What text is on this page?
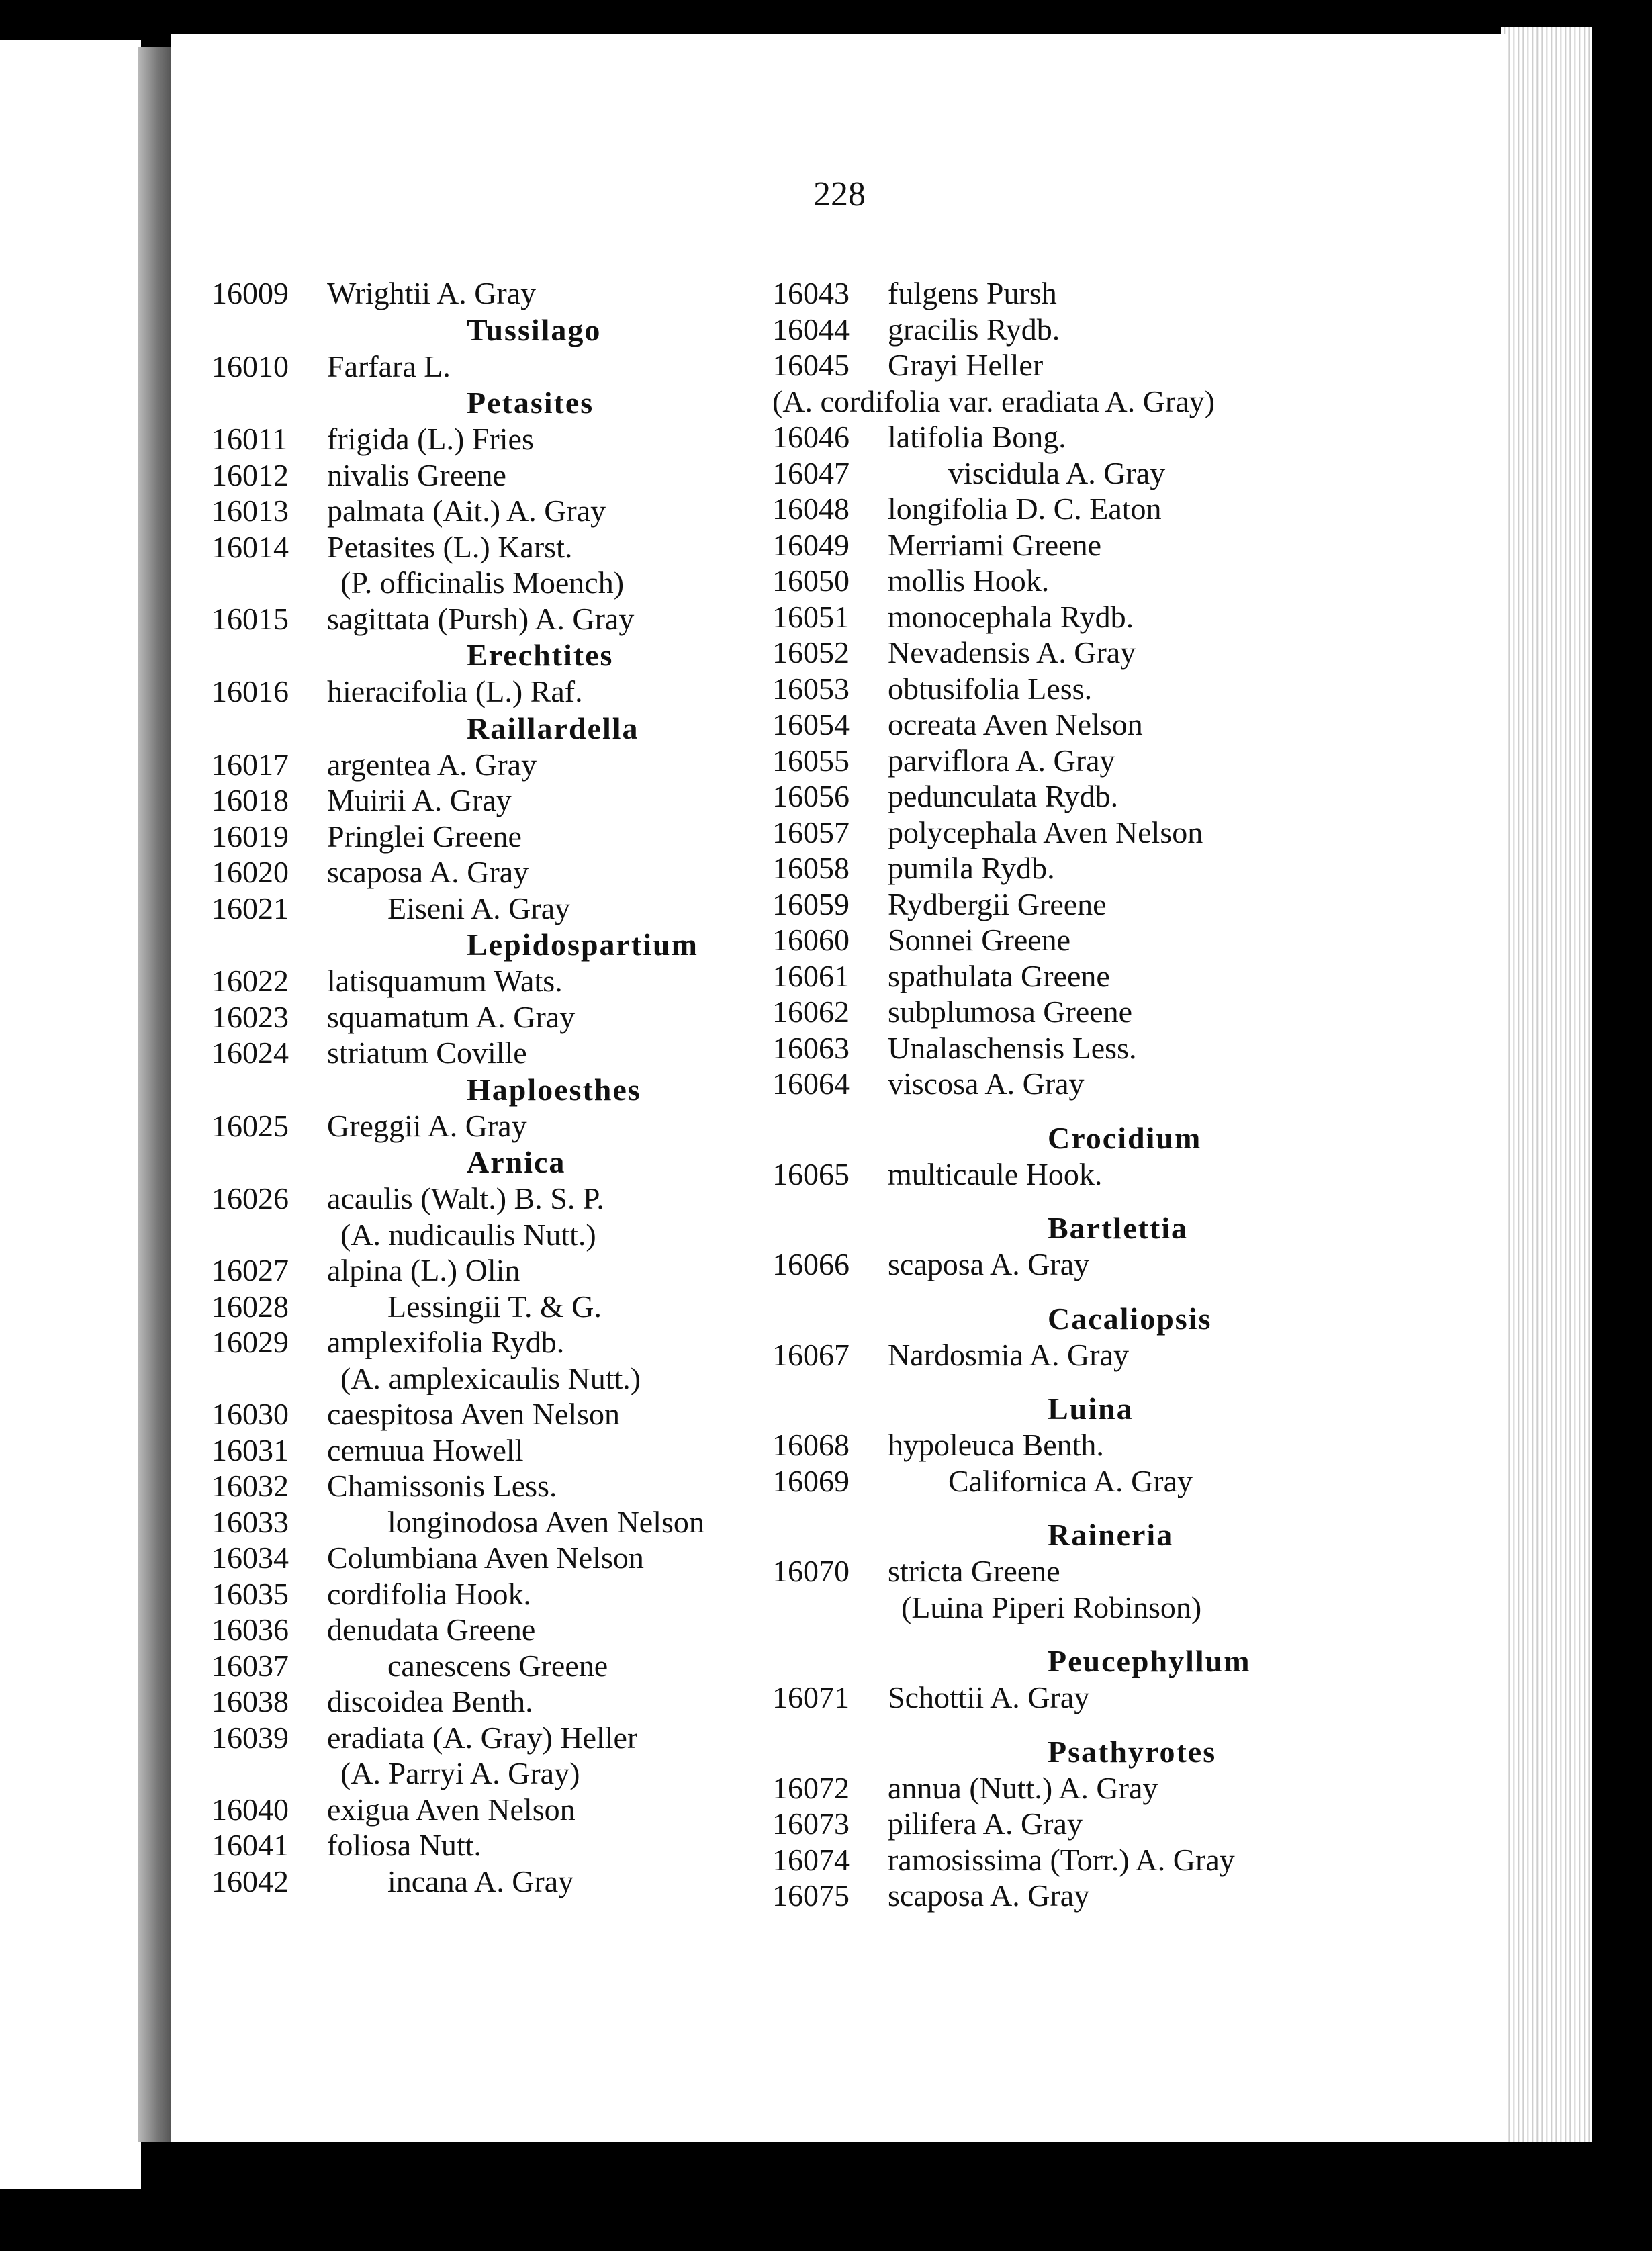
228
16009	Wrightii A. Gray
Tussilago
16010	Farfara L.
Petasites
16011	frigida (L.) Fries
16012	nivalis Greene
16013	palmata (Ait.) A. Gray
16014	Petasites (L.) Karst.
(P. officinalis Moench)
16015	sagittata (Pursh) A. Gray
Erechtites
16016	hieracifolia (L.) Raf.
Raillardella
16017	argentea A. Gray
16018	Muirii A. Gray
16019	Pringlei Greene
16020	scaposa A. Gray
16021	Eiseni A. Gray
Lepidospartium
16022	latisquamum Wats.
16023	squamatum A. Gray
16024	striatum Coville
Haploesthes
16025	Greggii A. Gray
Arnica
16026	acaulis (Walt.) B. S. P.
(A. nudicaulis Nutt.)
16027	alpina (L.) Olin
16028	Lessingii T. & G.
16029	amplexifolia Rydb.
(A. amplexicaulis Nutt.)
16030	caespitosa Aven Nelson
16031	cernuua Howell
16032	Chamissonis Less.
16033	longinodosa Aven Nelson
16034	Columbiana Aven Nelson
16035	cordifolia Hook.
16036	denudata Greene
16037	canescens Greene
16038	discoidea Benth.
16039	eradiata (A. Gray) Heller
(A. Parryi A. Gray)
16040	exigua Aven Nelson
16041	foliosa Nutt.
16042	incana A. Gray
16043	fulgens Pursh
16044	gracilis Rydb.
16045	Grayi Heller
(A. cordifolia var. eradiata A. Gray)
16046	latifolia Bong.
16047	viscidula A. Gray
16048	longifolia D. C. Eaton
16049	Merriami Greene
16050	mollis Hook.
16051	monocephala Rydb.
16052	Nevadensis A. Gray
16053	obtusifolia Less.
16054	ocreata Aven Nelson
16055	parviflora A. Gray
16056	pedunculata Rydb.
16057	polycephala Aven Nelson
16058	pumila Rydb.
16059	Rydbergii Greene
16060	Sonnei Greene
16061	spathulata Greene
16062	subplumosa Greene
16063	Unalaschensis Less.
16064	viscosa A. Gray
Crocidium
16065	multicaule Hook.
Bartlettia
16066	scaposa A. Gray
Cacaliopsis
16067	Nardosmia A. Gray
Luina
16068	hypoleuca Benth.
16069	Californica A. Gray
Raineria
16070	stricta Greene
(Luina Piperi Robinson)
Peucephyllum
16071	Schottii A. Gray
Psathyrotes
16072	annua (Nutt.) A. Gray
16073	pilifera A. Gray
16074	ramosissima (Torr.) A. Gray
16075	scaposa A. Gray
